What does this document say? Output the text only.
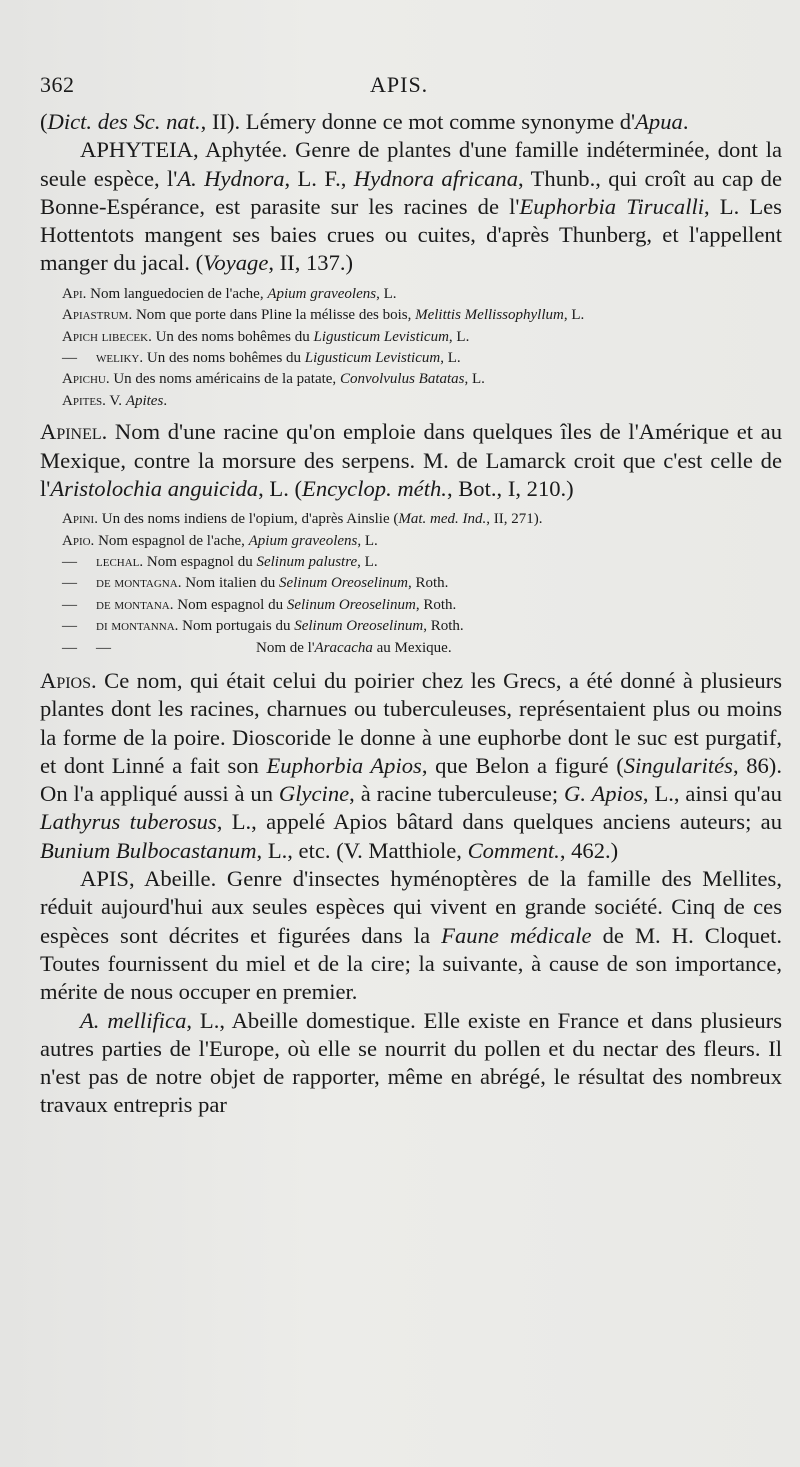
362	APIS.

(Dict. des Sc. nat., II). Lémery donne ce mot comme synonyme d'Apua.

APHYTEIA, Aphytée. Genre de plantes d'une famille indéterminée, dont la seule espèce, l'A. Hydnora, L. F., Hydnora africana, Thunb., qui croît au cap de Bonne-Espérance, est parasite sur les racines de l'Euphorbia Tirucalli, L. Les Hottentots mangent ses baies crues ou cuites, d'après Thunberg, et l'appellent manger du jacal. (Voyage, II, 137.)

Api. Nom languedocien de l'ache, Apium graveolens, L.

Apiastrum. Nom que porte dans Pline la mélisse des bois, Melittis Mellissophyllum, L.

Apich libecek. Un des noms bohêmes du Ligusticum Levisticum, L.

— weliky. Un des noms bohêmes du Ligusticum Levisticum, L.

Apichu. Un des noms américains de la patate, Convolvulus Batatas, L.

Apites. V. Apites.

Apinel. Nom d'une racine qu'on emploie dans quelques îles de l'Amérique et au Mexique, contre la morsure des serpens. M. de Lamarck croit que c'est celle de l'Aristolochia anguicida, L. (Encyclop. méth., Bot., I, 210.)

Apini. Un des noms indiens de l'opium, d'après Ainslie (Mat. med. Ind., II, 271).

Apio. Nom espagnol de l'ache, Apium graveolens, L.

— lechal. Nom espagnol du Selinum palustre, L.

— de montagna. Nom italien du Selinum Oreoselinum, Roth.

— de montana. Nom espagnol du Selinum Oreoselinum, Roth.

— di montanna. Nom portugais du Selinum Oreoselinum, Roth.

— —	Nom de l'Aracacha au Mexique.

Apios. Ce nom, qui était celui du poirier chez les Grecs, a été donné à plusieurs plantes dont les racines, charnues ou tuberculeuses, représentaient plus ou moins la forme de la poire. Dioscoride le donne à une euphorbe dont le suc est purgatif, et dont Linné a fait son Euphorbia Apios, que Belon a figuré (Singularités, 86). On l'a appliqué aussi à un Glycine, à racine tuberculeuse; G. Apios, L., ainsi qu'au Lathyrus tuberosus, L., appelé Apios bâtard dans quelques anciens auteurs; au Bunium Bulbocastanum, L., etc. (V. Matthiole, Comment., 462.)

APIS, Abeille. Genre d'insectes hyménoptères de la famille des Mellites, réduit aujourd'hui aux seules espèces qui vivent en grande société. Cinq de ces espèces sont décrites et figurées dans la Faune médicale de M. H. Cloquet. Toutes fournissent du miel et de la cire; la suivante, à cause de son importance, mérite de nous occuper en premier.

A. mellifica, L., Abeille domestique. Elle existe en France et dans plusieurs autres parties de l'Europe, où elle se nourrit du pollen et du nectar des fleurs. Il n'est pas de notre objet de rapporter, même en abrégé, le résultat des nombreux travaux entrepris par
